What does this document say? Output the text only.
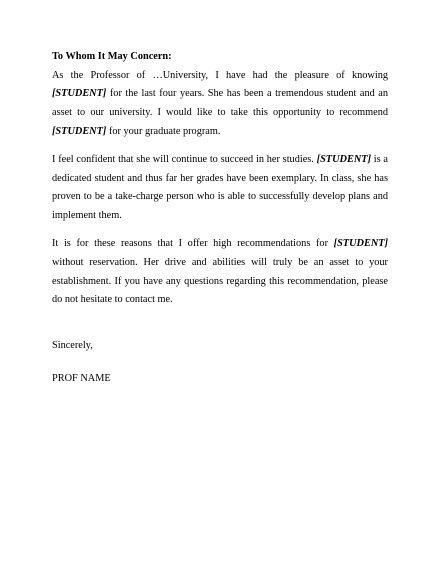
To Whom It May Concern:

As the Professor of …University, I have had the pleasure of knowing [STUDENT] for the last four years. She has been a tremendous student and an asset to our university. I would like to take this opportunity to recommend [STUDENT] for your graduate program.

I feel confident that she will continue to succeed in her studies. [STUDENT] is a dedicated student and thus far her grades have been exemplary. In class, she has proven to be a take-charge person who is able to successfully develop plans and implement them.

It is for these reasons that I offer high recommendations for [STUDENT] without reservation. Her drive and abilities will truly be an asset to your establishment. If you have any questions regarding this recommendation, please do not hesitate to contact me.

Sincerely,

PROF NAME
